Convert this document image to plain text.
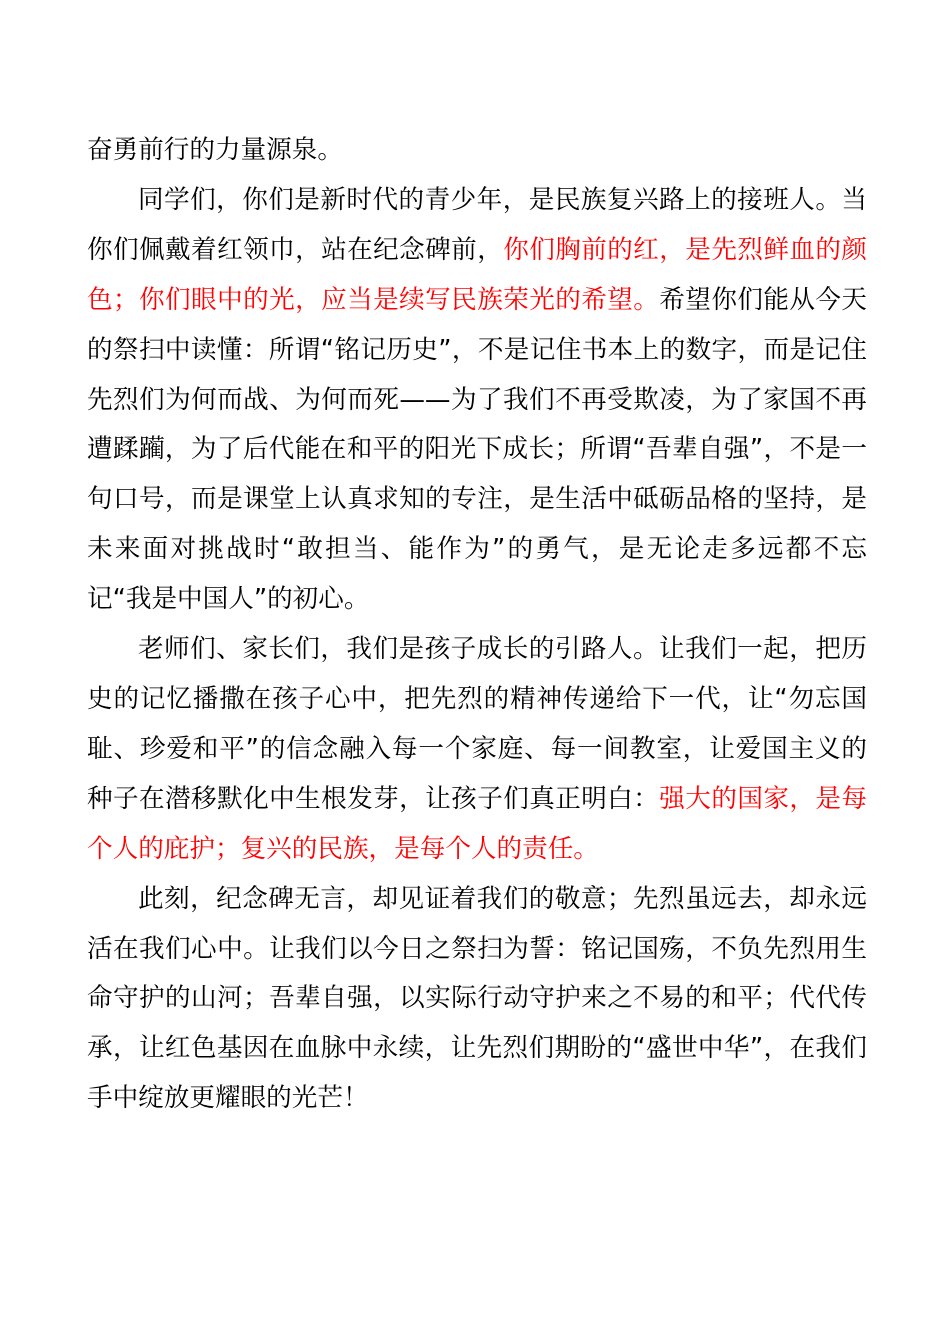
奋勇前行的力量源泉。

同学们，你们是新时代的青少年，是民族复兴路上的接班人。当你们佩戴着红领巾，站在纪念碑前，你们胸前的红，是先烈鲜血的颜色；你们眼中的光，应当是续写民族荣光的希望。希望你们能从今天的祭扫中读懂：所谓“铭记历史”，不是记住书本上的数字，而是记住先烈们为何而战、为何而死——为了我们不再受欺凌，为了家国不再遭蹂躏，为了后代能在和平的阳光下成长；所谓“吾辈自强”，不是一句口号，而是课堂上认真求知的专注，是生活中砥砺品格的坚持，是未来面对挑战时“敢担当、能作为”的勇气，是无论走多远都不忘记“我是中国人”的初心。

老师们、家长们，我们是孩子成长的引路人。让我们一起，把历史的记忆播撒在孩子心中，把先烈的精神传递给下一代，让“勿忘国耻、珍爱和平”的信念融入每一个家庭、每一间教室，让爱国主义的种子在潜移默化中生根发芽，让孩子们真正明白：强大的国家，是每个人的庇护；复兴的民族，是每个人的责任。

此刻，纪念碑无言，却见证着我们的敬意；先烈虽远去，却永远活在我们心中。让我们以今日之祭扫为誓：铭记国殇，不负先烈用生命守护的山河；吾辈自强，以实际行动守护来之不易的和平；代代传承，让红色基因在血脉中永续，让先烈们期盼的“盛世中华”，在我们手中绽放更耀眼的光芒！
